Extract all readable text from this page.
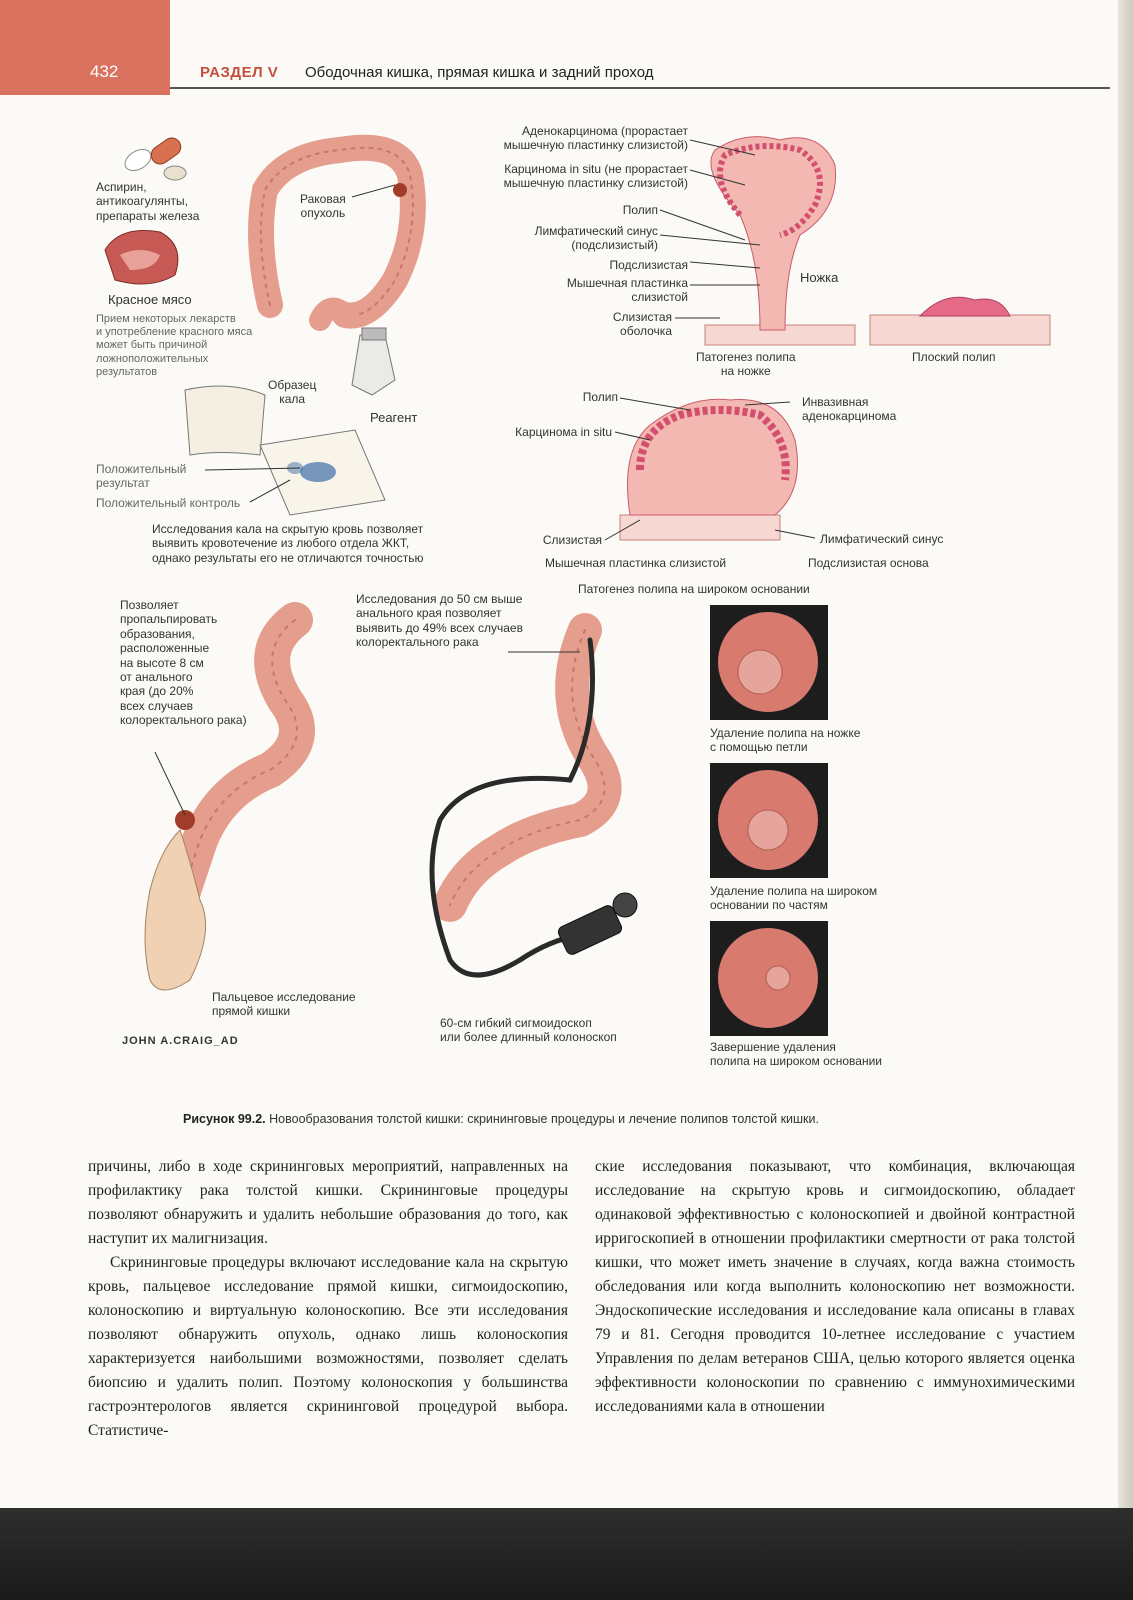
432	РАЗДЕЛ V Ободочная кишка, прямая кишка и задний проход
Аспирин,
антикоагулянты,
препараты железа
Раковая
опухоль
Красное мясо
Прием некоторых лекарств
и употребление красного мяса
может быть причиной
ложноположительных
результатов
Образец
кала
Реагент
Положительный
результат
Положительный контроль
Исследования кала на скрытую кровь позволяет
выявить кровотечение из любого отдела ЖКТ,
однако результаты его не отличаются точностью
Аденокарцинома (прорастает
мышечную пластинку слизистой)
Карцинома in situ (не прорастает
мышечную пластинку слизистой)
Полип
Лимфатический синус
(подслизистый)
Подслизистая
Мышечная пластинка
слизистой
Слизистая
оболочка
Ножка
Патогенез полипа
на ножке
Плоский полип
Полип
Карцинома in situ
Инвазивная
аденокарцинома
Слизистая	Лимфатический синус
Мышечная пластинка слизистой	Подслизистая основа
Патогенез полипа на широком основании
Позволяет
пропальпировать
образования,
расположенные
на высоте 8 см
от анального
края (до 20%
всех случаев
колоректального рака)
Исследования до 50 см выше
анального края позволяет
выявить до 49% всех случаев
колоректального рака
Пальцевое исследование
прямой кишки
60-см гибкий сигмоидоскоп
или более длинный колоноскоп
Удаление полипа на ножке
с помощью петли
Удаление полипа на широком
основании по частям
Завершение удаления
полипа на широком основании
JOHN A.CRAIG_AD
Рисунок 99.2. Новообразования толстой кишки: скрининговые процедуры и лечение полипов толстой кишки.

причины, либо в ходе скрининговых мероприятий, направленных на профилактику рака толстой кишки. Скрининговые процедуры позволяют обнаружить и удалить небольшие образования до того, как наступит их малигнизация.

Скрининговые процедуры включают исследование кала на скрытую кровь, пальцевое исследование прямой кишки, сигмоидоскопию, колоноскопию и виртуальную колоноскопию. Все эти исследования позволяют обнаружить опухоль, однако лишь колоноскопия характеризуется наибольшими возможностями, позволяет сделать биопсию и удалить полип. Поэтому колоноскопия у большинства гастроэнтерологов является скрининговой процедурой выбора. Статистиче-

ские исследования показывают, что комбинация, включающая исследование на скрытую кровь и сигмоидоскопию, обладает одинаковой эффективностью с колоноскопией и двойной контрастной ирригоскопией в отношении профилактики смертности от рака толстой кишки, что может иметь значение в случаях, когда важна стоимость обследования или когда выполнить колоноскопию нет возможности. Эндоскопические исследования и исследование кала описаны в главах 79 и 81. Сегодня проводится 10-летнее исследование с участием Управления по делам ветеранов США, целью которого является оценка эффективности колоноскопии по сравнению с иммунохимическими исследованиями кала в отношении
